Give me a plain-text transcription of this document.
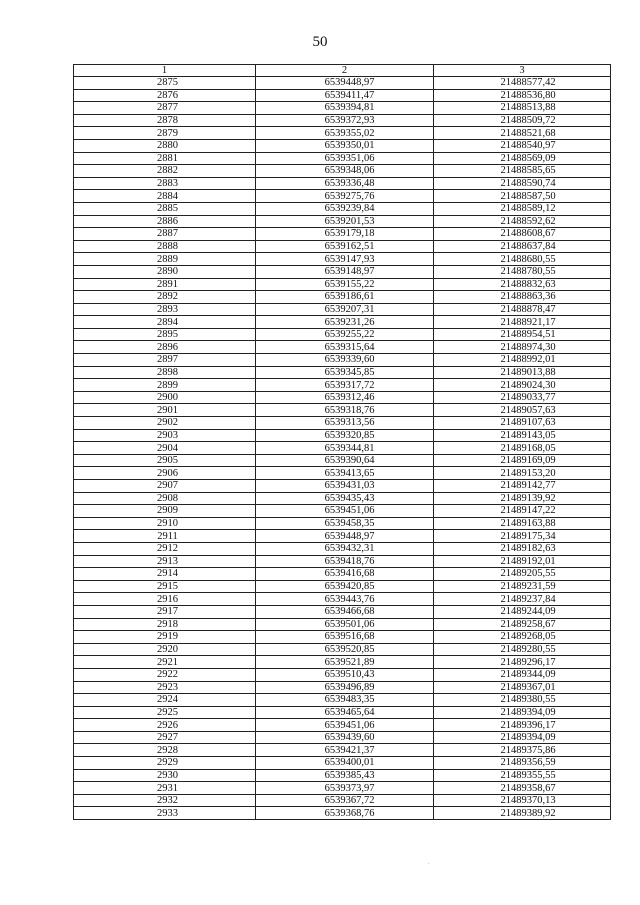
50
1	2	3
2875	6539448,97	21488577,42
2876	6539411,47	21488536,80
2877	6539394,81	21488513,88
2878	6539372,93	21488509,72
2879	6539355,02	21488521,68
2880	6539350,01	21488540,97
2881	6539351,06	21488569,09
2882	6539348,06	21488585,65
2883	6539336,48	21488590,74
2884	6539275,76	21488587,50
2885	6539239,84	21488589,12
2886	6539201,53	21488592,62
2887	6539179,18	21488608,67
2888	6539162,51	21488637,84
2889	6539147,93	21488680,55
2890	6539148,97	21488780,55
2891	6539155,22	21488832,63
2892	6539186,61	21488863,36
2893	6539207,31	21488878,47
2894	6539231,26	21488921,17
2895	6539255,22	21488954,51
2896	6539315,64	21488974,30
2897	6539339,60	21488992,01
2898	6539345,85	21489013,88
2899	6539317,72	21489024,30
2900	6539312,46	21489033,77
2901	6539318,76	21489057,63
2902	6539313,56	21489107,63
2903	6539320,85	21489143,05
2904	6539344,81	21489168,05
2905	6539390,64	21489169,09
2906	6539413,65	21489153,20
2907	6539431,03	21489142,77
2908	6539435,43	21489139,92
2909	6539451,06	21489147,22
2910	6539458,35	21489163,88
2911	6539448,97	21489175,34
2912	6539432,31	21489182,63
2913	6539418,76	21489192,01
2914	6539416,68	21489205,55
2915	6539420,85	21489231,59
2916	6539443,76	21489237,84
2917	6539466,68	21489244,09
2918	6539501,06	21489258,67
2919	6539516,68	21489268,05
2920	6539520,85	21489280,55
2921	6539521,89	21489296,17
2922	6539510,43	21489344,09
2923	6539496,89	21489367,01
2924	6539483,35	21489380,55
2925	6539465,64	21489394,09
2926	6539451,06	21489396,17
2927	6539439,60	21489394,09
2928	6539421,37	21489375,86
2929	6539400,01	21489356,59
2930	6539385,43	21489355,55
2931	6539373,97	21489358,67
2932	6539367,72	21489370,13
2933	6539368,76	21489389,92
.
